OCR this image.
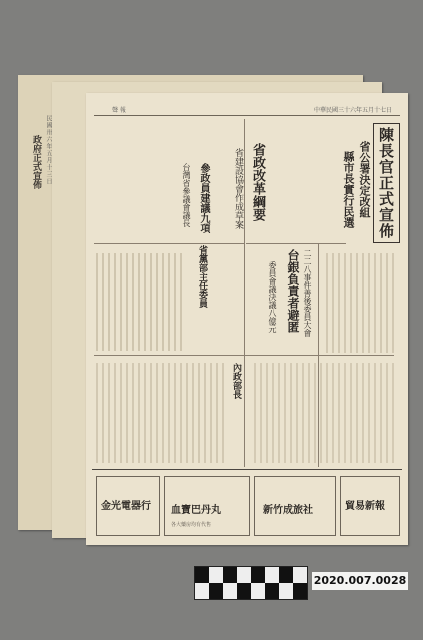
政府正式宣佈 民國卅六年五月十三日
聲 報	中華民國三十六年五月十七日
陳長官正式宣佈
省公署決定改組
縣市長實行民選
省政改革綱要
省建設協會作成草案
參政員建議九項
台灣省參議會議長
省黨部主任委員	二二八事件善後委員大會
台銀負責者避匿
委員會議決議八億元
內政部長
金光電器行 血寶巴丹丸
各大藥房均有代售
新竹成旅社	貿易新報
2020.007.0028
